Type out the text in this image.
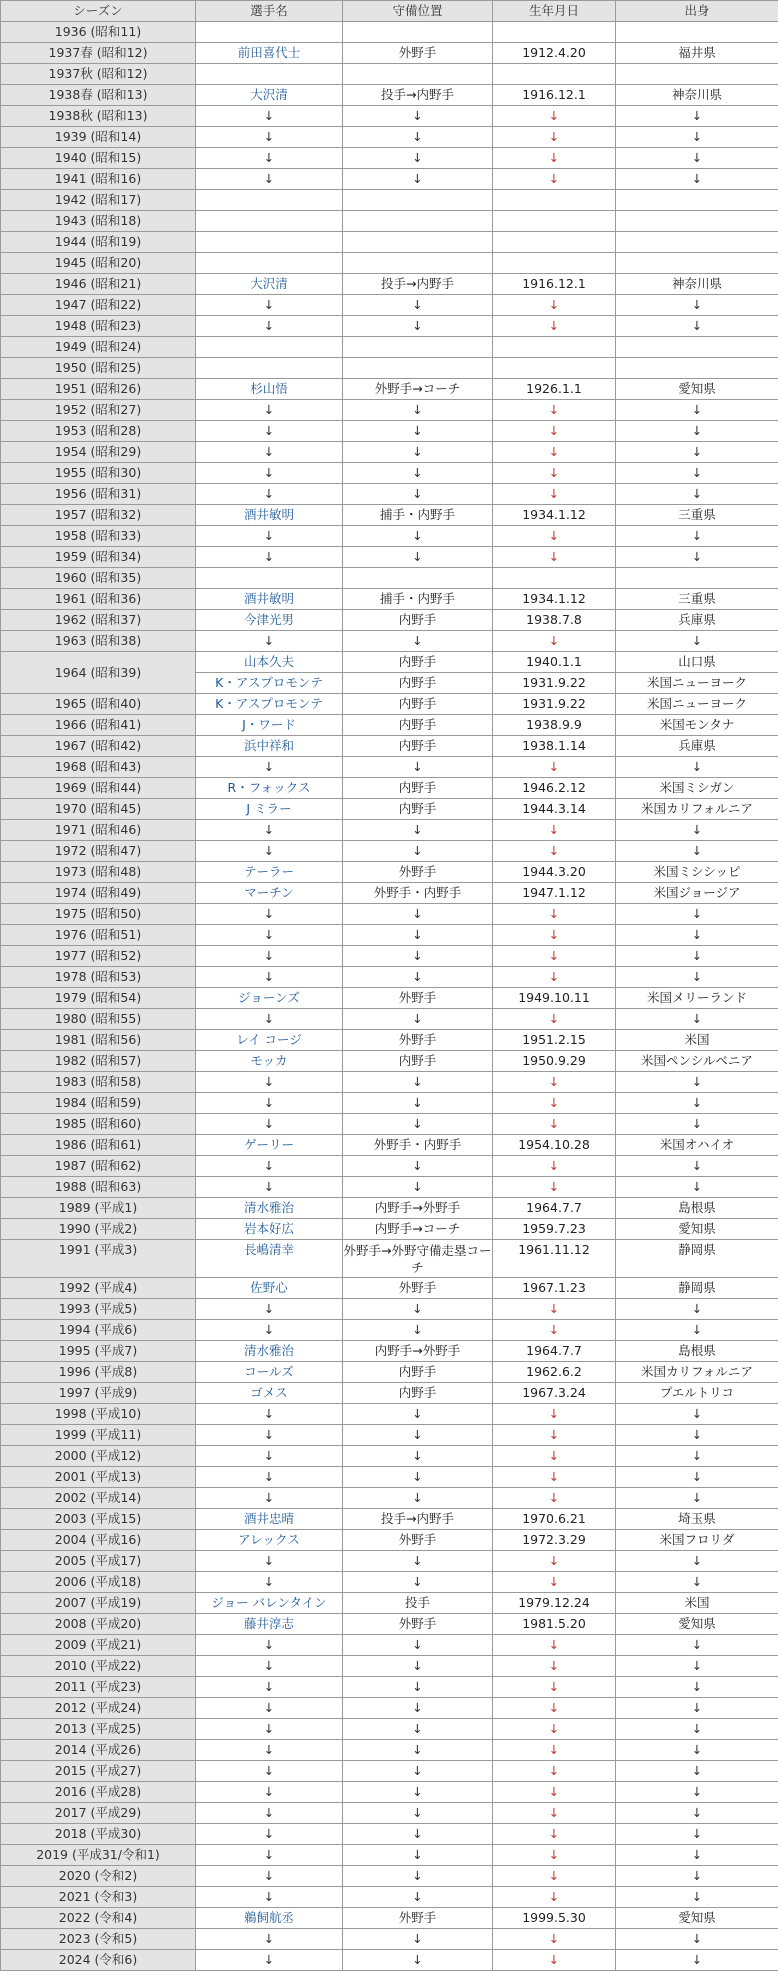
シーズン	選手名	守備位置	生年月日	出身
1936 (昭和11)				
1937春 (昭和12)	前田喜代士	外野手	1912.4.20	福井県
1937秋 (昭和12)				
1938春 (昭和13)	大沢清	投手→内野手	1916.12.1	神奈川県
1938秋 (昭和13)	↓	↓	↓	↓
1939 (昭和14)	↓	↓	↓	↓
1940 (昭和15)	↓	↓	↓	↓
1941 (昭和16)	↓	↓	↓	↓
1942 (昭和17)				
1943 (昭和18)				
1944 (昭和19)				
1945 (昭和20)				
1946 (昭和21)	大沢清	投手→内野手	1916.12.1	神奈川県
1947 (昭和22)	↓	↓	↓	↓
1948 (昭和23)	↓	↓	↓	↓
1949 (昭和24)				
1950 (昭和25)				
1951 (昭和26)	杉山悟	外野手→コーチ	1926.1.1	愛知県
1952 (昭和27)	↓	↓	↓	↓
1953 (昭和28)	↓	↓	↓	↓
1954 (昭和29)	↓	↓	↓	↓
1955 (昭和30)	↓	↓	↓	↓
1956 (昭和31)	↓	↓	↓	↓
1957 (昭和32)	酒井敏明	捕手・内野手	1934.1.12	三重県
1958 (昭和33)	↓	↓	↓	↓
1959 (昭和34)	↓	↓	↓	↓
1960 (昭和35)				
1961 (昭和36)	酒井敏明	捕手・内野手	1934.1.12	三重県
1962 (昭和37)	今津光男	内野手	1938.7.8	兵庫県
1963 (昭和38)	↓	↓	↓	↓
1964 (昭和39)	山本久夫	内野手	1940.1.1	山口県
	K・アスプロモンテ	内野手	1931.9.22	米国ニューヨーク
1965 (昭和40)	K・アスプロモンテ	内野手	1931.9.22	米国ニューヨーク
1966 (昭和41)	J・ワード	内野手	1938.9.9	米国モンタナ
1967 (昭和42)	浜中祥和	内野手	1938.1.14	兵庫県
1968 (昭和43)	↓	↓	↓	↓
1969 (昭和44)	R・フォックス	内野手	1946.2.12	米国ミシガン
1970 (昭和45)	J ミラー	内野手	1944.3.14	米国カリフォルニア
1971 (昭和46)	↓	↓	↓	↓
1972 (昭和47)	↓	↓	↓	↓
1973 (昭和48)	テーラー	外野手	1944.3.20	米国ミシシッピ
1974 (昭和49)	マーチン	外野手・内野手	1947.1.12	米国ジョージア
1975 (昭和50)	↓	↓	↓	↓
1976 (昭和51)	↓	↓	↓	↓
1977 (昭和52)	↓	↓	↓	↓
1978 (昭和53)	↓	↓	↓	↓
1979 (昭和54)	ジョーンズ	外野手	1949.10.11	米国メリーランド
1980 (昭和55)	↓	↓	↓	↓
1981 (昭和56)	レイ コージ	外野手	1951.2.15	米国
1982 (昭和57)	モッカ	内野手	1950.9.29	米国ペンシルベニア
1983 (昭和58)	↓	↓	↓	↓
1984 (昭和59)	↓	↓	↓	↓
1985 (昭和60)	↓	↓	↓	↓
1986 (昭和61)	ゲーリー	外野手・内野手	1954.10.28	米国オハイオ
1987 (昭和62)	↓	↓	↓	↓
1988 (昭和63)	↓	↓	↓	↓
1989 (平成1)	清水雅治	内野手→外野手	1964.7.7	島根県
1990 (平成2)	岩本好広	内野手→コーチ	1959.7.23	愛知県
1991 (平成3)	長嶋清幸	外野手→外野守備走塁コーチ	1961.11.12	静岡県
1992 (平成4)	佐野心	外野手	1967.1.23	静岡県
1993 (平成5)	↓	↓	↓	↓
1994 (平成6)	↓	↓	↓	↓
1995 (平成7)	清水雅治	内野手→外野手	1964.7.7	島根県
1996 (平成8)	コールズ	内野手	1962.6.2	米国カリフォルニア
1997 (平成9)	ゴメス	内野手	1967.3.24	プエルトリコ
1998 (平成10)	↓	↓	↓	↓
1999 (平成11)	↓	↓	↓	↓
2000 (平成12)	↓	↓	↓	↓
2001 (平成13)	↓	↓	↓	↓
2002 (平成14)	↓	↓	↓	↓
2003 (平成15)	酒井忠晴	投手→内野手	1970.6.21	埼玉県
2004 (平成16)	アレックス	外野手	1972.3.29	米国フロリダ
2005 (平成17)	↓	↓	↓	↓
2006 (平成18)	↓	↓	↓	↓
2007 (平成19)	ジョー バレンタイン	投手	1979.12.24	米国
2008 (平成20)	藤井淳志	外野手	1981.5.20	愛知県
2009 (平成21)	↓	↓	↓	↓
2010 (平成22)	↓	↓	↓	↓
2011 (平成23)	↓	↓	↓	↓
2012 (平成24)	↓	↓	↓	↓
2013 (平成25)	↓	↓	↓	↓
2014 (平成26)	↓	↓	↓	↓
2015 (平成27)	↓	↓	↓	↓
2016 (平成28)	↓	↓	↓	↓
2017 (平成29)	↓	↓	↓	↓
2018 (平成30)	↓	↓	↓	↓
2019 (平成31/令和1)	↓	↓	↓	↓
2020 (令和2)	↓	↓	↓	↓
2021 (令和3)	↓	↓	↓	↓
2022 (令和4)	鵜飼航丞	外野手	1999.5.30	愛知県
2023 (令和5)	↓	↓	↓	↓
2024 (令和6)	↓	↓	↓	↓
